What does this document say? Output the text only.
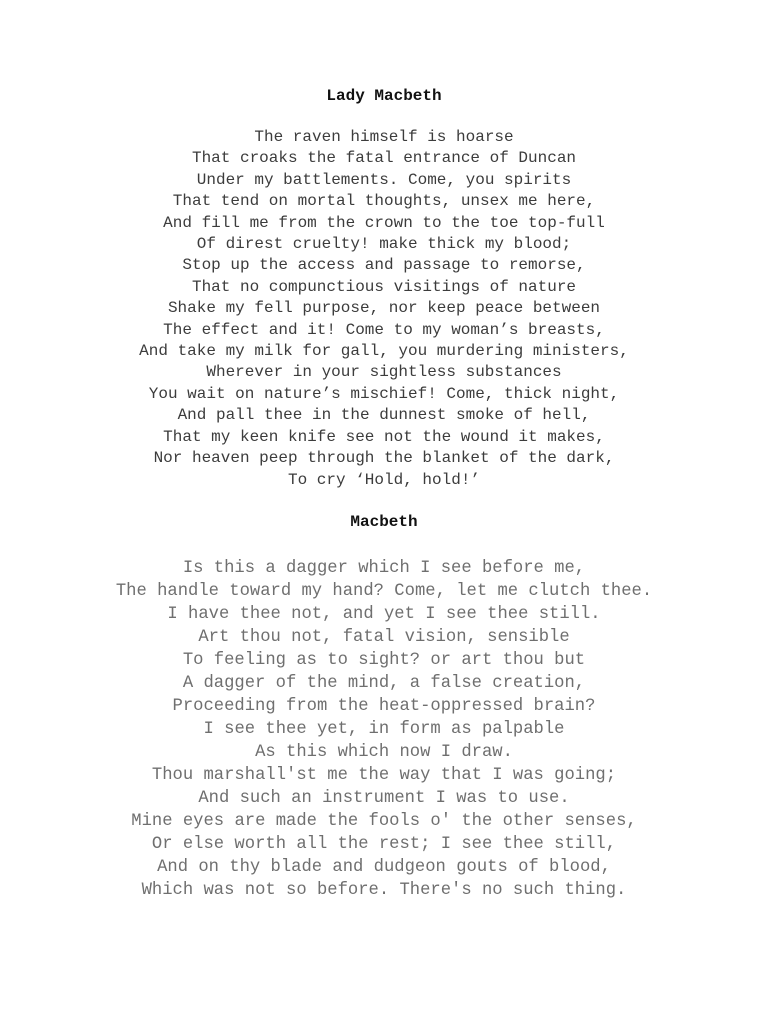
Lady Macbeth
The raven himself is hoarse
That croaks the fatal entrance of Duncan
Under my battlements. Come, you spirits
That tend on mortal thoughts, unsex me here,
And fill me from the crown to the toe top-full
Of direst cruelty! make thick my blood;
Stop up the access and passage to remorse,
That no compunctious visitings of nature
Shake my fell purpose, nor keep peace between
The effect and it! Come to my woman’s breasts,
And take my milk for gall, you murdering ministers,
Wherever in your sightless substances
You wait on nature’s mischief! Come, thick night,
And pall thee in the dunnest smoke of hell,
That my keen knife see not the wound it makes,
Nor heaven peep through the blanket of the dark,
To cry ‘Hold, hold!’
Macbeth
Is this a dagger which I see before me,
The handle toward my hand? Come, let me clutch thee.
I have thee not, and yet I see thee still.
Art thou not, fatal vision, sensible
To feeling as to sight? or art thou but
A dagger of the mind, a false creation,
Proceeding from the heat-oppressed brain?
I see thee yet, in form as palpable
As this which now I draw.
Thou marshall'st me the way that I was going;
And such an instrument I was to use.
Mine eyes are made the fools o' the other senses,
Or else worth all the rest; I see thee still,
And on thy blade and dudgeon gouts of blood,
Which was not so before. There's no such thing.
